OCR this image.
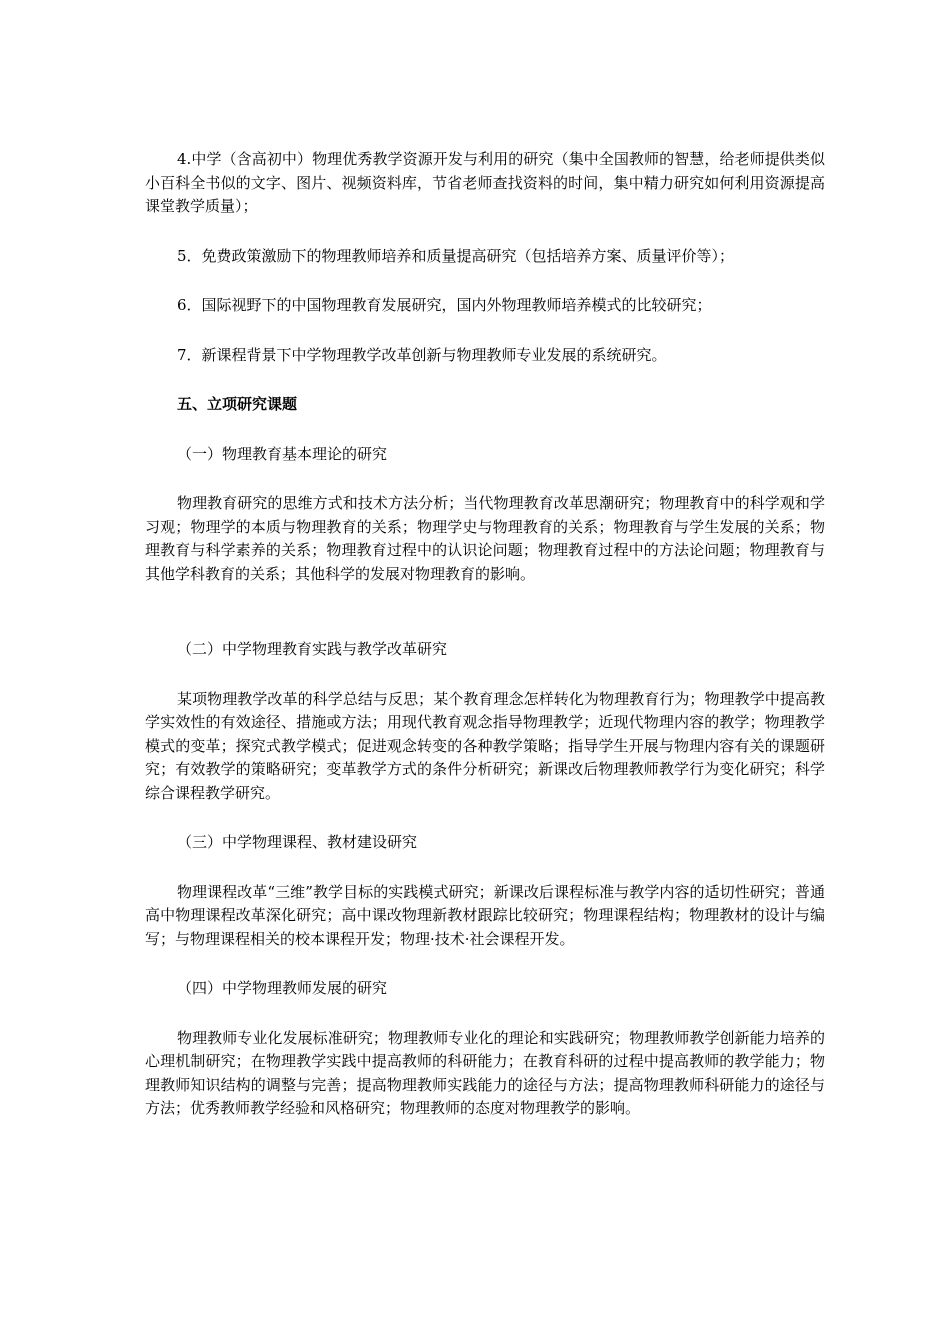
4.中学（含高初中）物理优秀教学资源开发与利用的研究（集中全国教师的智慧，给老师提供类似小百科全书似的文字、图片、视频资料库，节省老师查找资料的时间，集中精力研究如何利用资源提高课堂教学质量）；

5．免费政策激励下的物理教师培养和质量提高研究（包括培养方案、质量评价等）；

6．国际视野下的中国物理教育发展研究，国内外物理教师培养模式的比较研究；

7．新课程背景下中学物理教学改革创新与物理教师专业发展的系统研究。

五、立项研究课题

（一）物理教育基本理论的研究

物理教育研究的思维方式和技术方法分析；当代物理教育改革思潮研究；物理教育中的科学观和学习观；物理学的本质与物理教育的关系；物理学史与物理教育的关系；物理教育与学生发展的关系；物理教育与科学素养的关系；物理教育过程中的认识论问题；物理教育过程中的方法论问题；物理教育与其他学科教育的关系；其他科学的发展对物理教育的影响。

（二）中学物理教育实践与教学改革研究

某项物理教学改革的科学总结与反思；某个教育理念怎样转化为物理教育行为；物理教学中提高教学实效性的有效途径、措施或方法；用现代教育观念指导物理教学；近现代物理内容的教学；物理教学模式的变革；探究式教学模式；促进观念转变的各种教学策略；指导学生开展与物理内容有关的课题研究；有效教学的策略研究；变革教学方式的条件分析研究；新课改后物理教师教学行为变化研究；科学综合课程教学研究。

（三）中学物理课程、教材建设研究

物理课程改革“三维”教学目标的实践模式研究；新课改后课程标准与教学内容的适切性研究；普通高中物理课程改革深化研究；高中课改物理新教材跟踪比较研究；物理课程结构；物理教材的设计与编写；与物理课程相关的校本课程开发；物理·技术·社会课程开发。

（四）中学物理教师发展的研究

物理教师专业化发展标准研究；物理教师专业化的理论和实践研究；物理教师教学创新能力培养的心理机制研究；在物理教学实践中提高教师的科研能力；在教育科研的过程中提高教师的教学能力；物理教师知识结构的调整与完善；提高物理教师实践能力的途径与方法；提高物理教师科研能力的途径与方法；优秀教师教学经验和风格研究；物理教师的态度对物理教学的影响。
